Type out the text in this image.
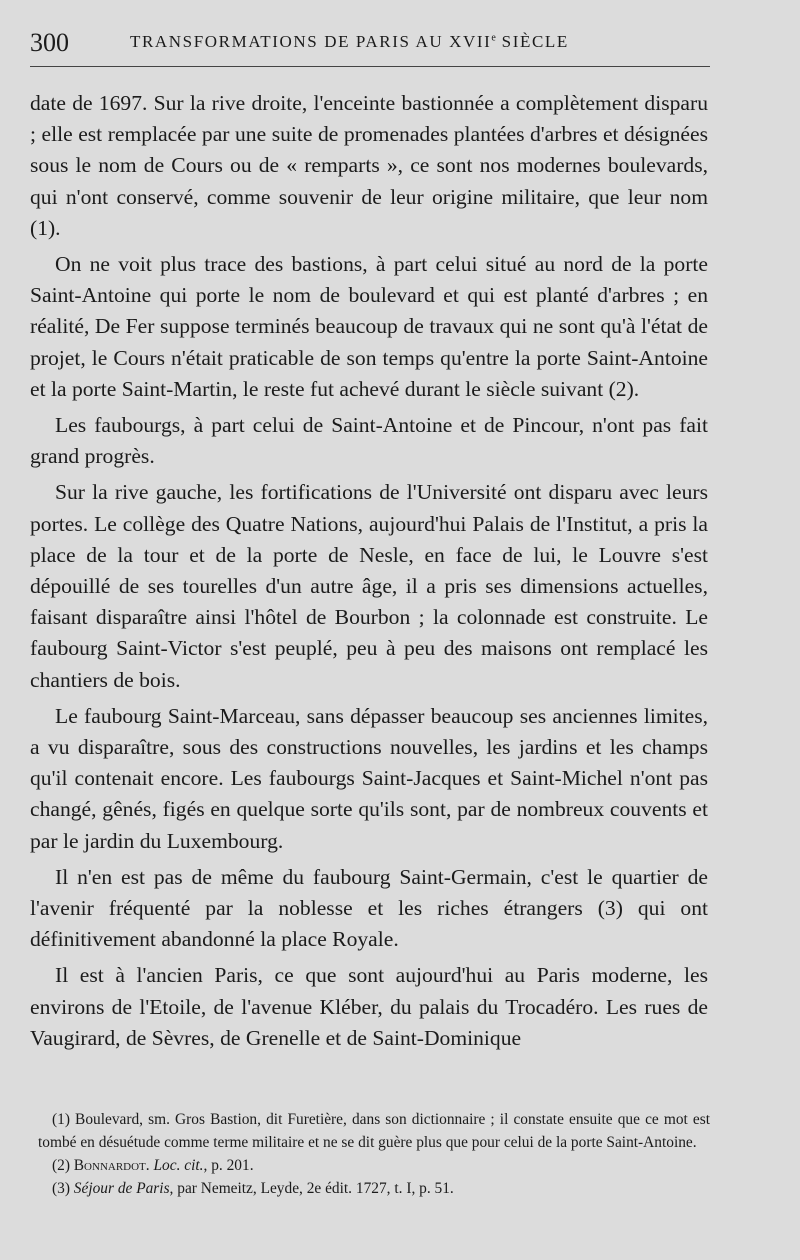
300	TRANSFORMATIONS DE PARIS AU XVIIe SIÈCLE

date de 1697. Sur la rive droite, l'enceinte bastionnée a complètement disparu ; elle est remplacée par une suite de promenades plantées d'arbres et désignées sous le nom de Cours ou de « remparts », ce sont nos modernes boulevards, qui n'ont conservé, comme souvenir de leur origine militaire, que leur nom (1).

On ne voit plus trace des bastions, à part celui situé au nord de la porte Saint-Antoine qui porte le nom de boulevard et qui est planté d'arbres ; en réalité, De Fer suppose terminés beaucoup de travaux qui ne sont qu'à l'état de projet, le Cours n'était praticable de son temps qu'entre la porte Saint-Antoine et la porte Saint-Martin, le reste fut achevé durant le siècle suivant (2).

Les faubourgs, à part celui de Saint-Antoine et de Pincour, n'ont pas fait grand progrès.

Sur la rive gauche, les fortifications de l'Université ont disparu avec leurs portes. Le collège des Quatre Nations, aujourd'hui Palais de l'Institut, a pris la place de la tour et de la porte de Nesle, en face de lui, le Louvre s'est dépouillé de ses tourelles d'un autre âge, il a pris ses dimensions actuelles, faisant disparaître ainsi l'hôtel de Bourbon ; la colonnade est construite. Le faubourg Saint-Victor s'est peuplé, peu à peu des maisons ont remplacé les chantiers de bois.

Le faubourg Saint-Marceau, sans dépasser beaucoup ses anciennes limites, a vu disparaître, sous des constructions nouvelles, les jardins et les champs qu'il contenait encore. Les faubourgs Saint-Jacques et Saint-Michel n'ont pas changé, gênés, figés en quelque sorte qu'ils sont, par de nombreux couvents et par le jardin du Luxembourg.

Il n'en est pas de même du faubourg Saint-Germain, c'est le quartier de l'avenir fréquenté par la noblesse et les riches étrangers (3) qui ont définitivement abandonné la place Royale.

Il est à l'ancien Paris, ce que sont aujourd'hui au Paris moderne, les environs de l'Etoile, de l'avenue Kléber, du palais du Trocadéro. Les rues de Vaugirard, de Sèvres, de Grenelle et de Saint-Dominique

(1) Boulevard, sm. Gros Bastion, dit Furetière, dans son dictionnaire ; il constate ensuite que ce mot est tombé en désuétude comme terme militaire et ne se dit guère plus que pour celui de la porte Saint-Antoine.

(2) Bonnardot. Loc. cit., p. 201.

(3) Séjour de Paris, par Nemeitz, Leyde, 2e édit. 1727, t. I, p. 51.
